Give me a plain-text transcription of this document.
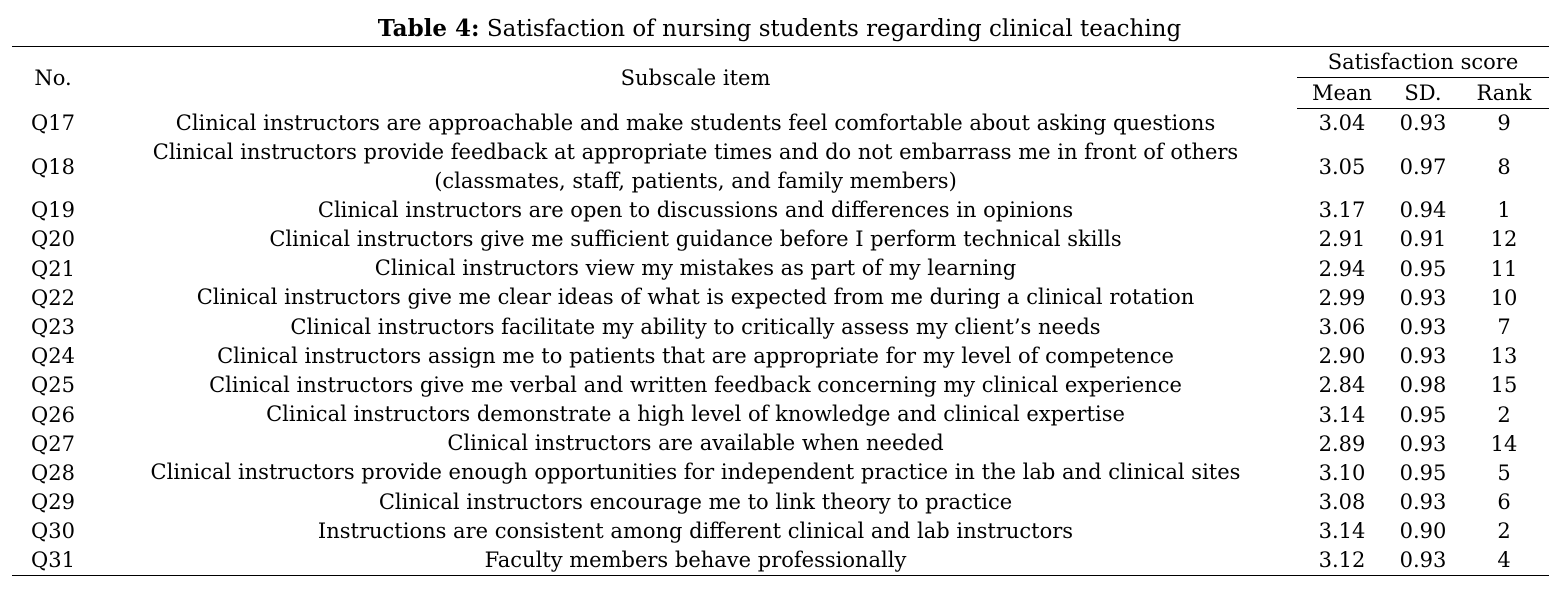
Table 4: Satisfaction of nursing students regarding clinical teaching
No.	Subscale item	Satisfaction score		
		Mean	SD.	Rank
Q17	Clinical instructors are approachable and make students feel comfortable about asking questions	3.04	0.93	9
Q18	Clinical instructors provide feedback at appropriate times and do not embarrass me in front of others
(classmates, staff, patients, and family members)	3.05	0.97	8
Q19	Clinical instructors are open to discussions and differences in opinions	3.17	0.94	1
Q20	Clinical instructors give me sufficient guidance before I perform technical skills	2.91	0.91	12
Q21	Clinical instructors view my mistakes as part of my learning	2.94	0.95	11
Q22	Clinical instructors give me clear ideas of what is expected from me during a clinical rotation	2.99	0.93	10
Q23	Clinical instructors facilitate my ability to critically assess my client’s needs	3.06	0.93	7
Q24	Clinical instructors assign me to patients that are appropriate for my level of competence	2.90	0.93	13
Q25	Clinical instructors give me verbal and written feedback concerning my clinical experience	2.84	0.98	15
Q26	Clinical instructors demonstrate a high level of knowledge and clinical expertise	3.14	0.95	2
Q27	Clinical instructors are available when needed	2.89	0.93	14
Q28	Clinical instructors provide enough opportunities for independent practice in the lab and clinical sites	3.10	0.95	5
Q29	Clinical instructors encourage me to link theory to practice	3.08	0.93	6
Q30	Instructions are consistent among different clinical and lab instructors	3.14	0.90	2
Q31	Faculty members behave professionally	3.12	0.93	4
